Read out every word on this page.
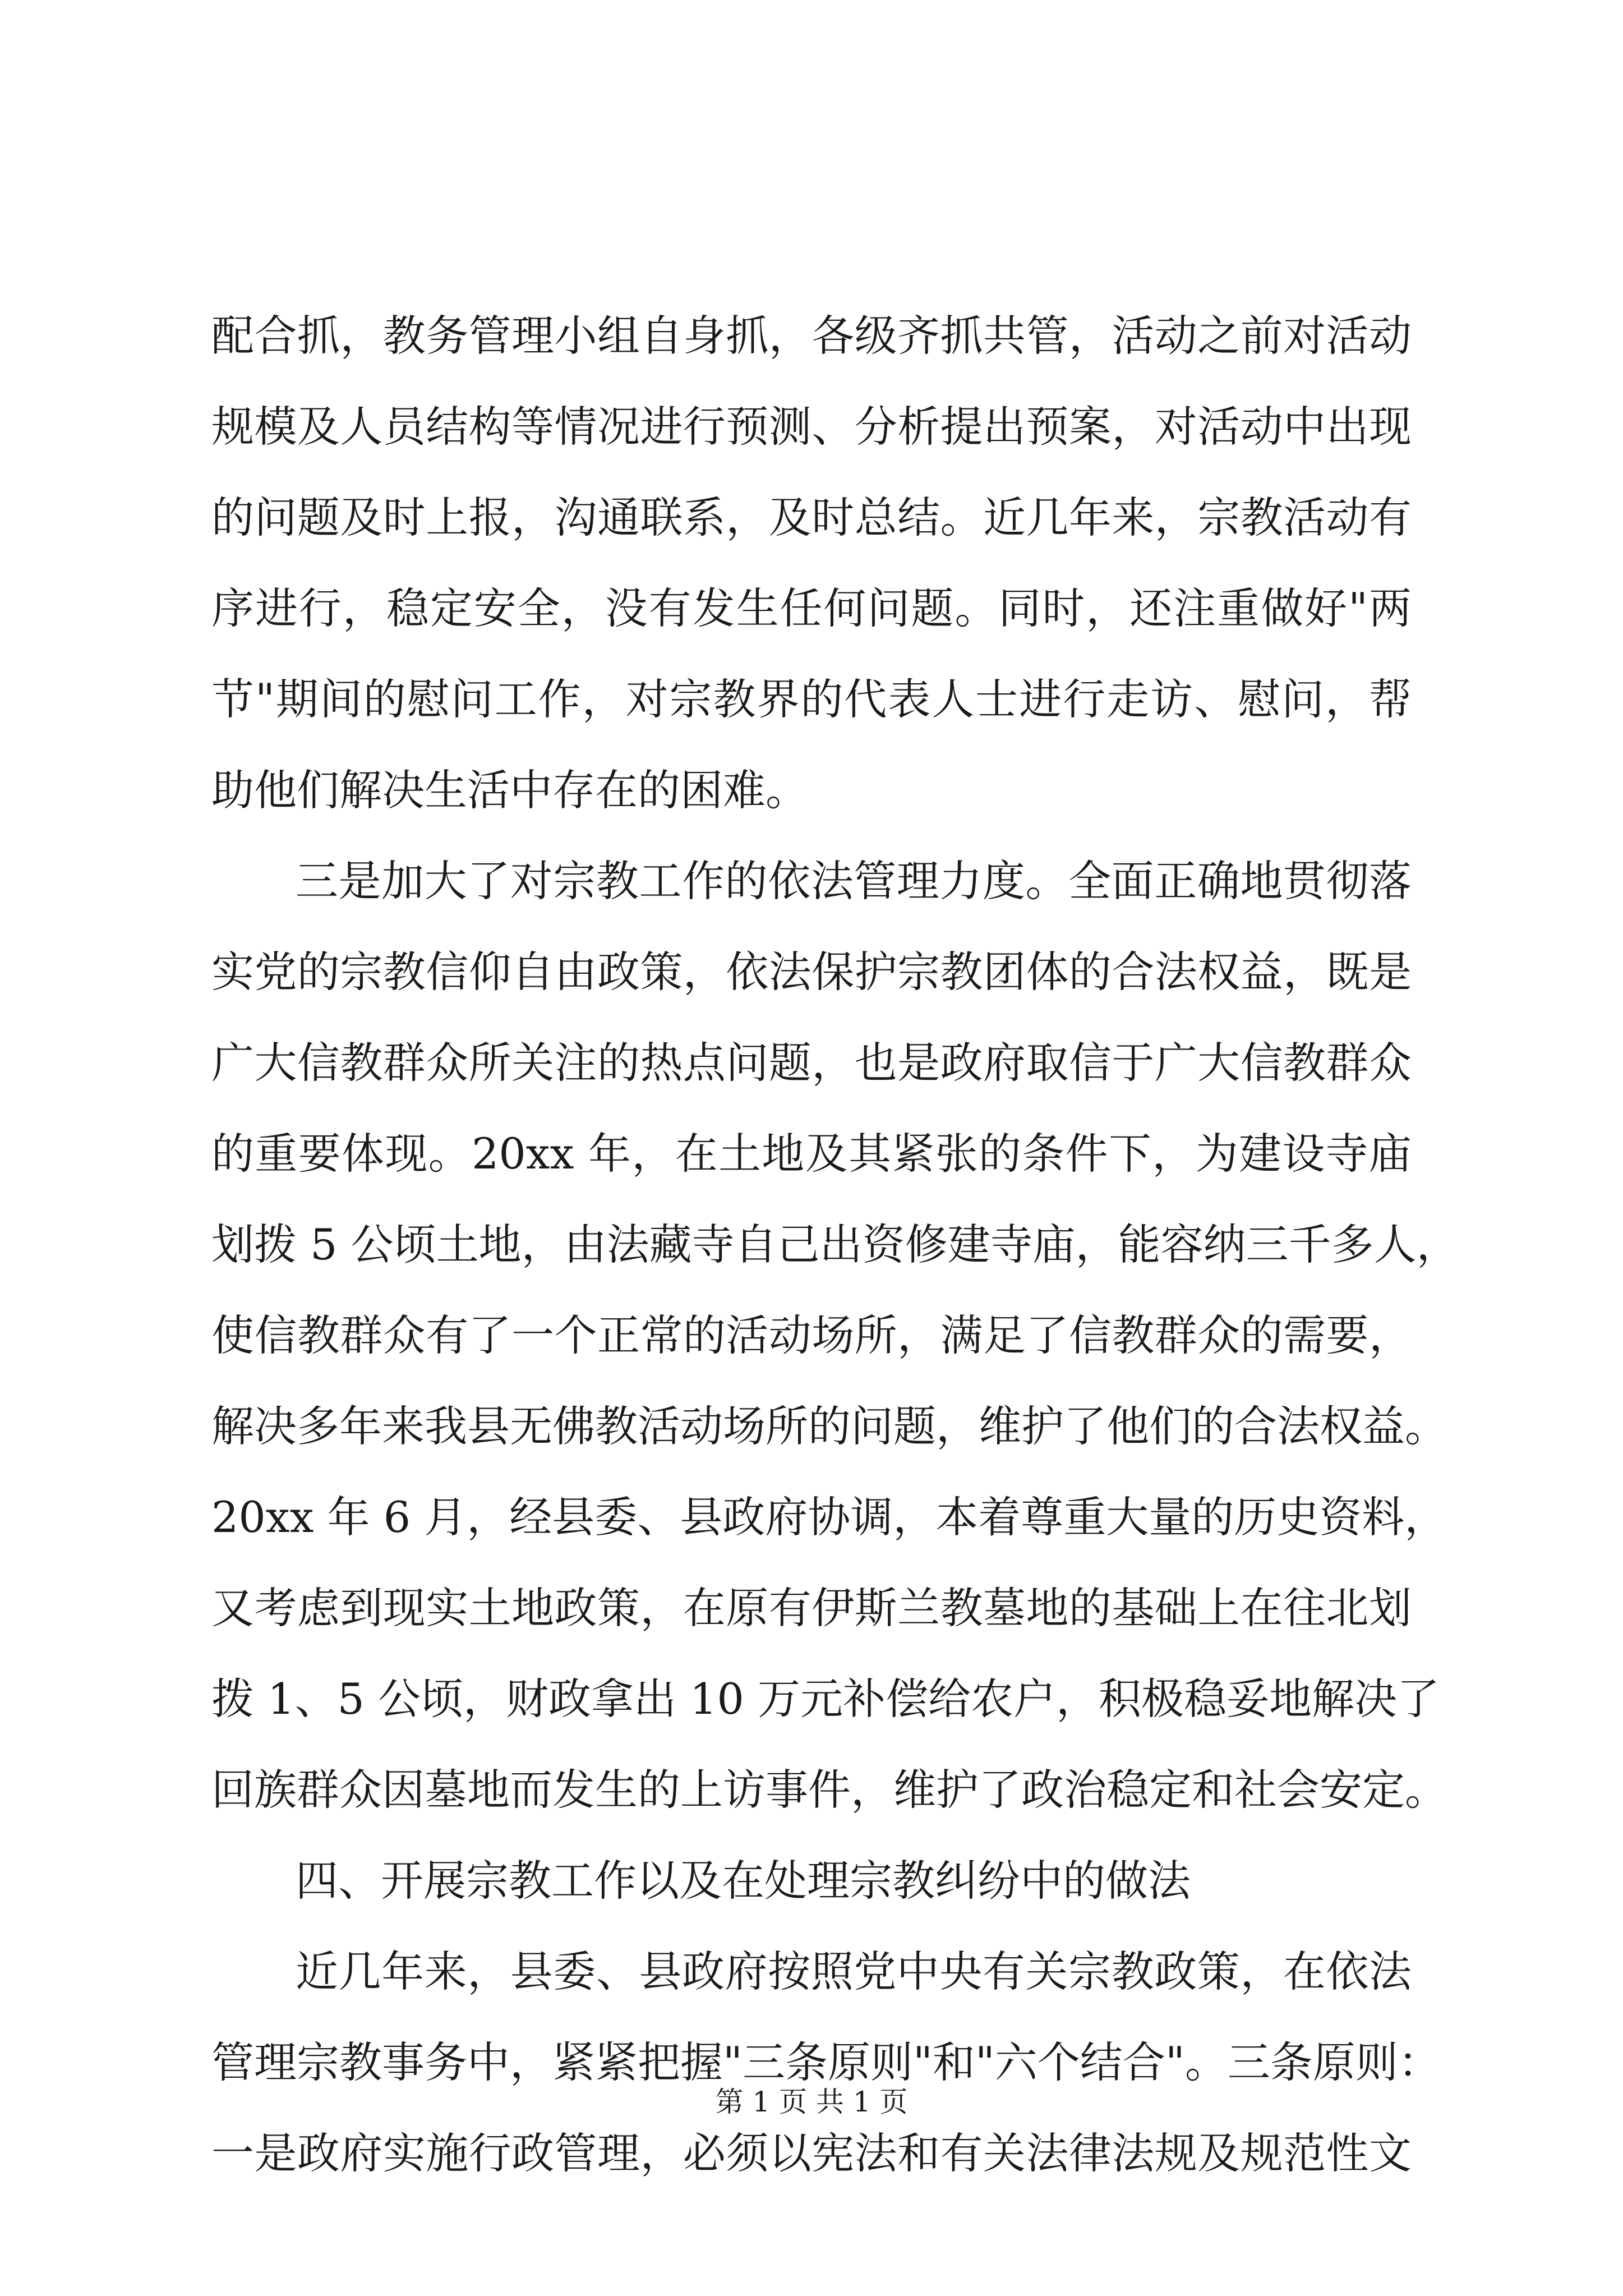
配合抓，教务管理小组自身抓，各级齐抓共管，活动之前对活动
规模及人员结构等情况进行预测、分析提出预案，对活动中出现
的问题及时上报，沟通联系，及时总结。近几年来，宗教活动有
序进行，稳定安全，没有发生任何问题。同时，还注重做好"两
节"期间的慰问工作，对宗教界的代表人士进行走访、慰问，帮
助他们解决生活中存在的困难。
三是加大了对宗教工作的依法管理力度。全面正确地贯彻落
实党的宗教信仰自由政策，依法保护宗教团体的合法权益，既是
广大信教群众所关注的热点问题，也是政府取信于广大信教群众
的重要体现。20xx 年，在土地及其紧张的条件下，为建设寺庙
划拨 5 公顷土地，由法藏寺自己出资修建寺庙，能容纳三千多人，
使信教群众有了一个正常的活动场所，满足了信教群众的需要，
解决多年来我县无佛教活动场所的问题，维护了他们的合法权益。
20xx 年 6 月，经县委、县政府协调，本着尊重大量的历史资料，
又考虑到现实土地政策，在原有伊斯兰教墓地的基础上在往北划
拨 1、5 公顷，财政拿出 10 万元补偿给农户，积极稳妥地解决了
回族群众因墓地而发生的上访事件，维护了政治稳定和社会安定。
四、开展宗教工作以及在处理宗教纠纷中的做法
近几年来，县委、县政府按照党中央有关宗教政策，在依法
管理宗教事务中，紧紧把握"三条原则"和"六个结合"。三条原则：
一是政府实施行政管理，必须以宪法和有关法律法规及规范性文
第 1 页 共 1 页
